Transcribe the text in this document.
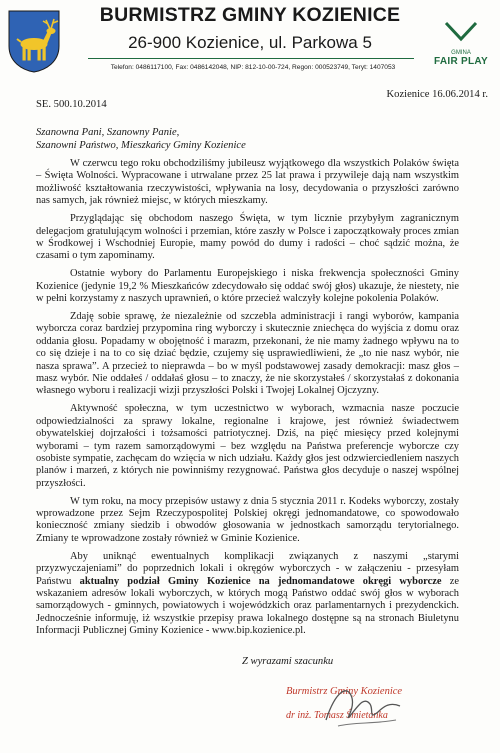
BURMISTRZ GMINY KOZIENICE
26-900 Kozienice, ul. Parkowa 5
Telefon: 0486117100, Fax: 0486142048, NIP: 812-10-00-724, Regon: 000523749, Teryt: 1407053
GMINA
FAIR PLAY
Kozienice 16.06.2014 r.
SE. 500.10.2014
Szanowna Pani, Szanowny Panie,
Szanowni Państwo, Mieszkańcy Gminy Kozienice

W czerwcu tego roku obchodziliśmy jubileusz wyjątkowego dla wszystkich Polaków święta – Święta Wolności. Wypracowane i utrwalane przez 25 lat prawa i przywileje dają nam wszystkim możliwość kształtowania rzeczywistości, wpływania na losy, decydowania o przyszłości zarówno nas samych, jak również miejsc, w których mieszkamy.

Przyglądając się obchodom naszego Święta, w tym licznie przybyłym zagranicznym delegacjom gratulującym wolności i przemian, które zaszły w Polsce i zapoczątkowały proces zmian w Środkowej i Wschodniej Europie, mamy powód do dumy i radości – choć sądzić można, że czasami o tym zapominamy.

Ostatnie wybory do Parlamentu Europejskiego i niska frekwencja społeczności Gminy Kozienice (jedynie 19,2 % Mieszkańców zdecydowało się oddać swój głos) ukazuje, że niestety, nie w pełni korzystamy z naszych uprawnień, o które przecież walczyły kolejne pokolenia Polaków.

Zdaję sobie sprawę, że niezależnie od szczebla administracji i rangi wyborów, kampania wyborcza coraz bardziej przypomina ring wyborczy i skutecznie zniechęca do wyjścia z domu oraz oddania głosu. Popadamy w obojętność i marazm, przekonani, że nie mamy żadnego wpływu na to co się dzieje i na to co się dziać będzie, czujemy się usprawiedliwieni, że „to nie nasz wybór, nie nasza sprawa”. A przecież to nieprawda – bo w myśl podstawowej zasady demokracji: masz głos – masz wybór. Nie oddałeś / oddałaś głosu – to znaczy, że nie skorzystałeś / skorzystałaś z dokonania własnego wyboru i realizacji wizji przyszłości Polski i Twojej Lokalnej Ojczyzny.

Aktywność społeczna, w tym uczestnictwo w wyborach, wzmacnia nasze poczucie odpowiedzialności za sprawy lokalne, regionalne i krajowe, jest również świadectwem obywatelskiej dojrzałości i tożsamości patriotycznej. Dziś, na pięć miesięcy przed kolejnymi wyborami – tym razem samorządowymi – bez względu na Państwa preferencje wyborcze czy osobiste sympatie, zachęcam do wzięcia w nich udziału. Każdy głos jest odzwierciedleniem naszych planów i marzeń, z których nie powinniśmy rezygnować. Państwa głos decyduje o naszej wspólnej przyszłości.

W tym roku, na mocy przepisów ustawy z dnia 5 stycznia 2011 r. Kodeks wyborczy, zostały wprowadzone przez Sejm Rzeczypospolitej Polskiej okręgi jednomandatowe, co spowodowało konieczność zmiany siedzib i obwodów głosowania w jednostkach samorządu terytorialnego. Zmiany te wprowadzone zostały również w Gminie Kozienice.

Aby uniknąć ewentualnych komplikacji związanych z naszymi „starymi przyzwyczajeniami” do poprzednich lokali i okręgów wyborczych - w załączeniu - przesyłam Państwu aktualny podział Gminy Kozienice na jednomandatowe okręgi wyborcze ze wskazaniem adresów lokali wyborczych, w których mogą Państwo oddać swój głos w wyborach samorządowych - gminnych, powiatowych i wojewódzkich oraz parlamentarnych i prezydenckich. Jednocześnie informuję, iż wszystkie przepisy prawa lokalnego dostępne są na stronach Biuletynu Informacji Publicznej Gminy Kozienice - www.bip.kozienice.pl.

Z wyrazami szacunku
Burmistrz Gminy Kozienice
dr inż. Tomasz Śmietanka
